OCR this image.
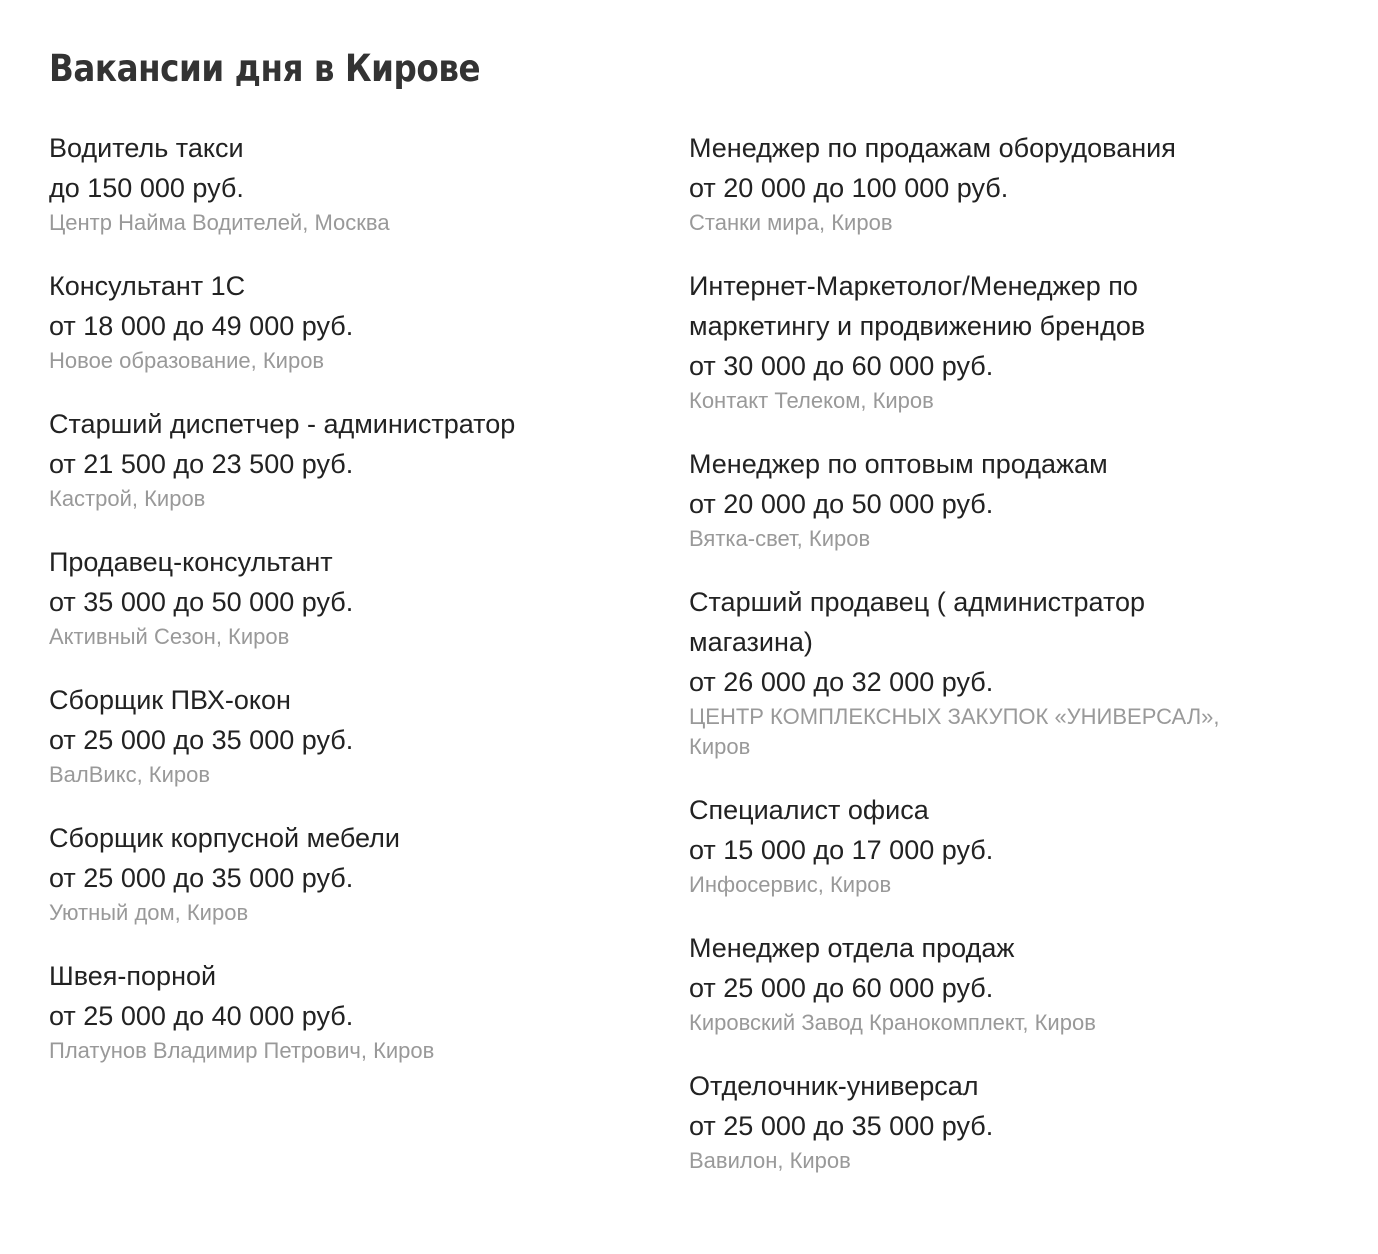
Вакансии дня в Кирове
Водитель такси
до 150 000 руб.
Центр Найма Водителей, Москва
Консультант 1С
от 18 000 до 49 000 руб.
Новое образование, Киров
Старший диспетчер - администратор
от 21 500 до 23 500 руб.
Кастрой, Киров
Продавец-консультант
от 35 000 до 50 000 руб.
Активный Сезон, Киров
Сборщик ПВХ-окон
от 25 000 до 35 000 руб.
ВалВикс, Киров
Сборщик корпусной мебели
от 25 000 до 35 000 руб.
Уютный дом, Киров
Швея-порной
от 25 000 до 40 000 руб.
Платунов Владимир Петрович, Киров
Менеджер по продажам оборудования
от 20 000 до 100 000 руб.
Станки мира, Киров
Интернет-Маркетолог/Менеджер по маркетингу и продвижению брендов
от 30 000 до 60 000 руб.
Контакт Телеком, Киров
Менеджер по оптовым продажам
от 20 000 до 50 000 руб.
Вятка-свет, Киров
Старший продавец ( администратор магазина)
от 26 000 до 32 000 руб.
ЦЕНТР КОМПЛЕКСНЫХ ЗАКУПОК «УНИВЕРСАЛ», Киров
Специалист офиса
от 15 000 до 17 000 руб.
Инфосервис, Киров
Менеджер отдела продаж
от 25 000 до 60 000 руб.
Кировский Завод Кранокомплект, Киров
Отделочник-универсал
от 25 000 до 35 000 руб.
Вавилон, Киров
